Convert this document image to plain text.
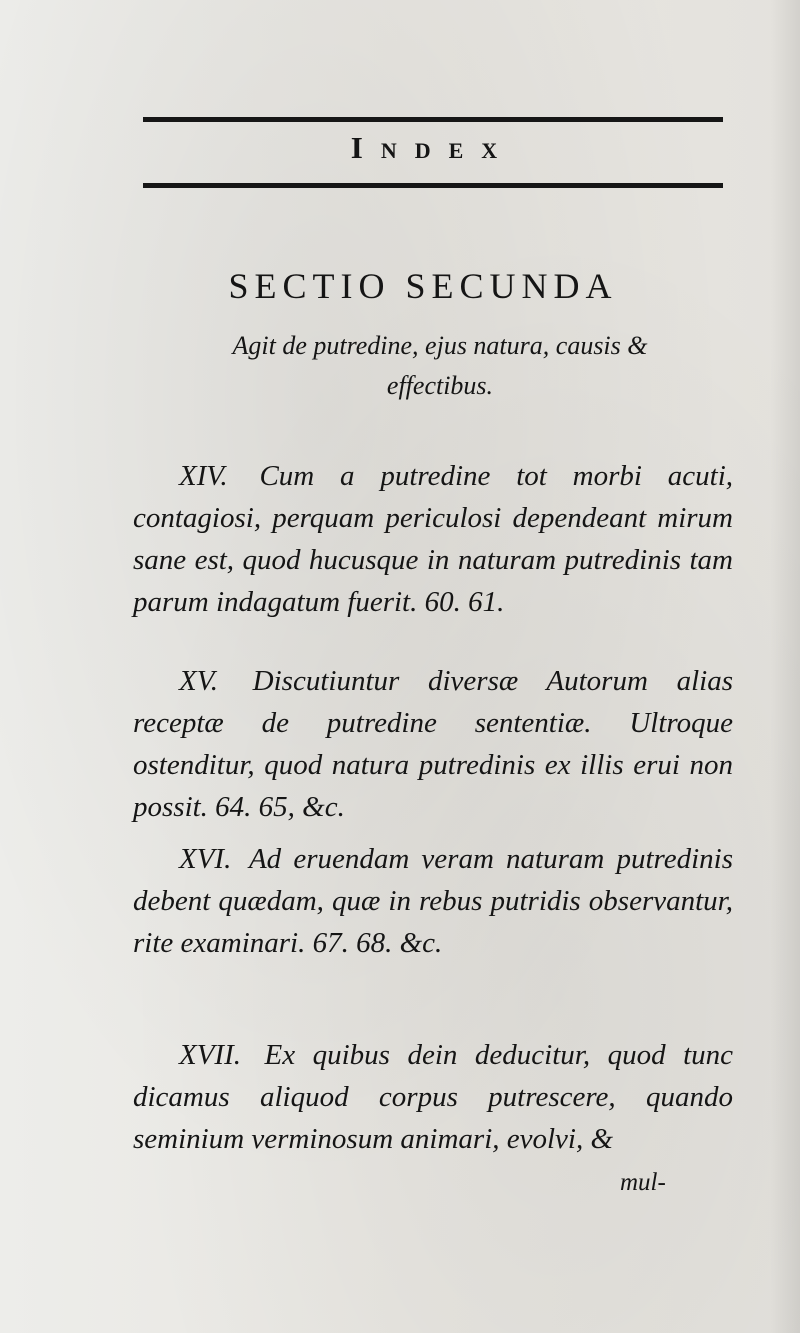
Index
SECTIO SECUNDA
Agit de putredine, ejus natura, causis & effectibus.
XIV. Cum a putredine tot morbi acuti, contagiosi, perquam periculosi dependeant mirum sane est, quod hucusque in naturam putredinis tam parum indagatum fuerit. 60. 61.
XV. Discutiuntur diversæ Autorum alias receptæ de putredine sententiæ. Ultroque ostenditur, quod natura putredinis ex illis erui non possit. 64. 65, &c.
XVI. Ad eruendam veram naturam putredinis debent quædam, quæ in rebus putridis observantur, rite examinari. 67. 68. &c.
XVII. Ex quibus dein deducitur, quod tunc dicamus aliquod corpus putrescere, quando seminium verminosum animari, evolvi, &
mul-
